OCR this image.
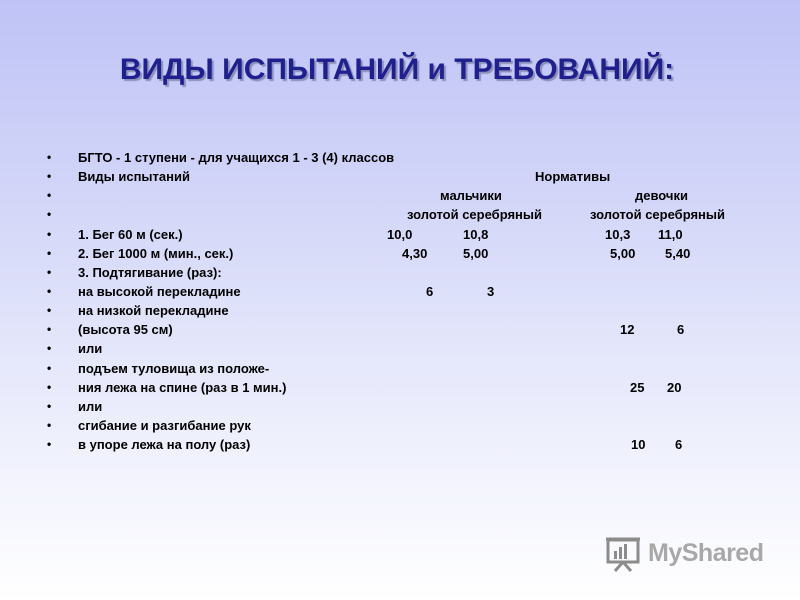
ВИДЫ ИСПЫТАНИЙ и ТРЕБОВАНИЙ:
• БГТО - 1 ступени - для учащихся 1 - 3 (4) классов
• Виды испытаний	Нормативы
•	мальчики	девочки
•	золотой серебряный	золотой серебряный
• 1. Бег 60 м (сек.)	10,0	10,8	10,3 11,0
• 2. Бег 1000 м (мин., сек.)	4,30	5,00	5,00 5,40
• 3. Подтягивание (раз):
• на высокой перекладине	6	3
• на низкой перекладине
• (высота 95 см)	12	6
• или
• подъем туловища из положе-
• ния лежа на спине (раз в 1 мин.)	25 20
• или
• сгибание и разгибание рук
• в упоре лежа на полу (раз)	10 6
MyShared
